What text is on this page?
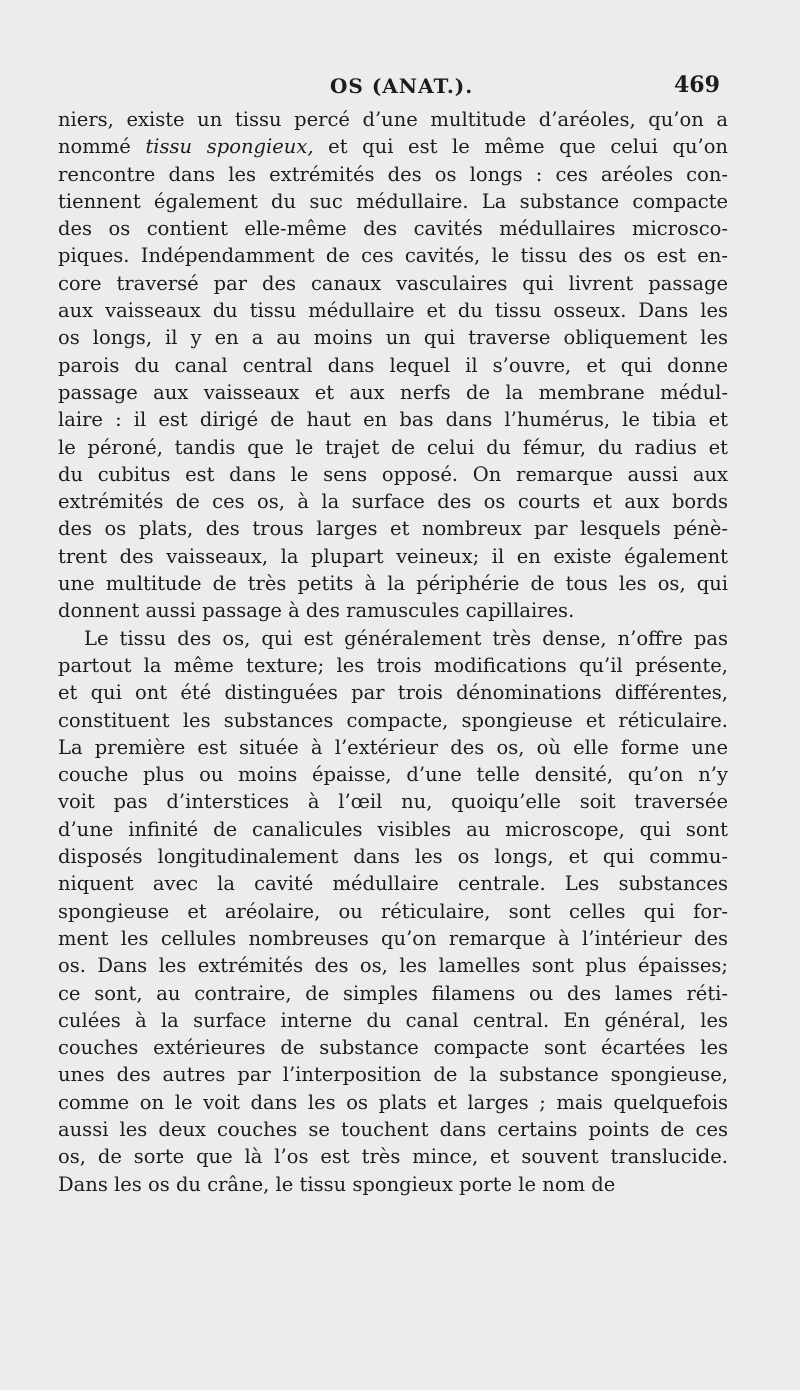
OS (ANAT.).	469
niers, existe un tissu percé d’une multitude d’aréoles, qu’on a
nommé tissu spongieux, et qui est le même que celui qu’on
rencontre dans les extrémités des os longs : ces aréoles con-
tiennent également du suc médullaire. La substance compacte
des os contient elle-même des cavités médullaires microsco-
piques. Indépendamment de ces cavités, le tissu des os est en-
core traversé par des canaux vasculaires qui livrent passage
aux vaisseaux du tissu médullaire et du tissu osseux. Dans les
os longs, il y en a au moins un qui traverse obliquement les
parois du canal central dans lequel il s’ouvre, et qui donne
passage aux vaisseaux et aux nerfs de la membrane médul-
laire : il est dirigé de haut en bas dans l’humérus, le tibia et
le péroné, tandis que le trajet de celui du fémur, du radius et
du cubitus est dans le sens opposé. On remarque aussi aux
extrémités de ces os, à la surface des os courts et aux bords
des os plats, des trous larges et nombreux par lesquels pénè-
trent des vaisseaux, la plupart veineux; il en existe également
une multitude de très petits à la périphérie de tous les os, qui
donnent aussi passage à des ramuscules capillaires.
Le tissu des os, qui est généralement très dense, n’offre pas
partout la même texture; les trois modifications qu’il présente,
et qui ont été distinguées par trois dénominations différentes,
constituent les substances compacte, spongieuse et réticulaire.
La première est située à l’extérieur des os, où elle forme une
couche plus ou moins épaisse, d’une telle densité, qu’on n’y
voit pas d’interstices à l’œil nu, quoiqu’elle soit traversée
d’une infinité de canalicules visibles au microscope, qui sont
disposés longitudinalement dans les os longs, et qui commu-
niquent avec la cavité médullaire centrale. Les substances
spongieuse et aréolaire, ou réticulaire, sont celles qui for-
ment les cellules nombreuses qu’on remarque à l’intérieur des
os. Dans les extrémités des os, les lamelles sont plus épaisses;
ce sont, au contraire, de simples filamens ou des lames réti-
culées à la surface interne du canal central. En général, les
couches extérieures de substance compacte sont écartées les
unes des autres par l’interposition de la substance spongieuse,
comme on le voit dans les os plats et larges ; mais quelquefois
aussi les deux couches se touchent dans certains points de ces
os, de sorte que là l’os est très mince, et souvent translucide.
Dans les os du crâne, le tissu spongieux porte le nom de
